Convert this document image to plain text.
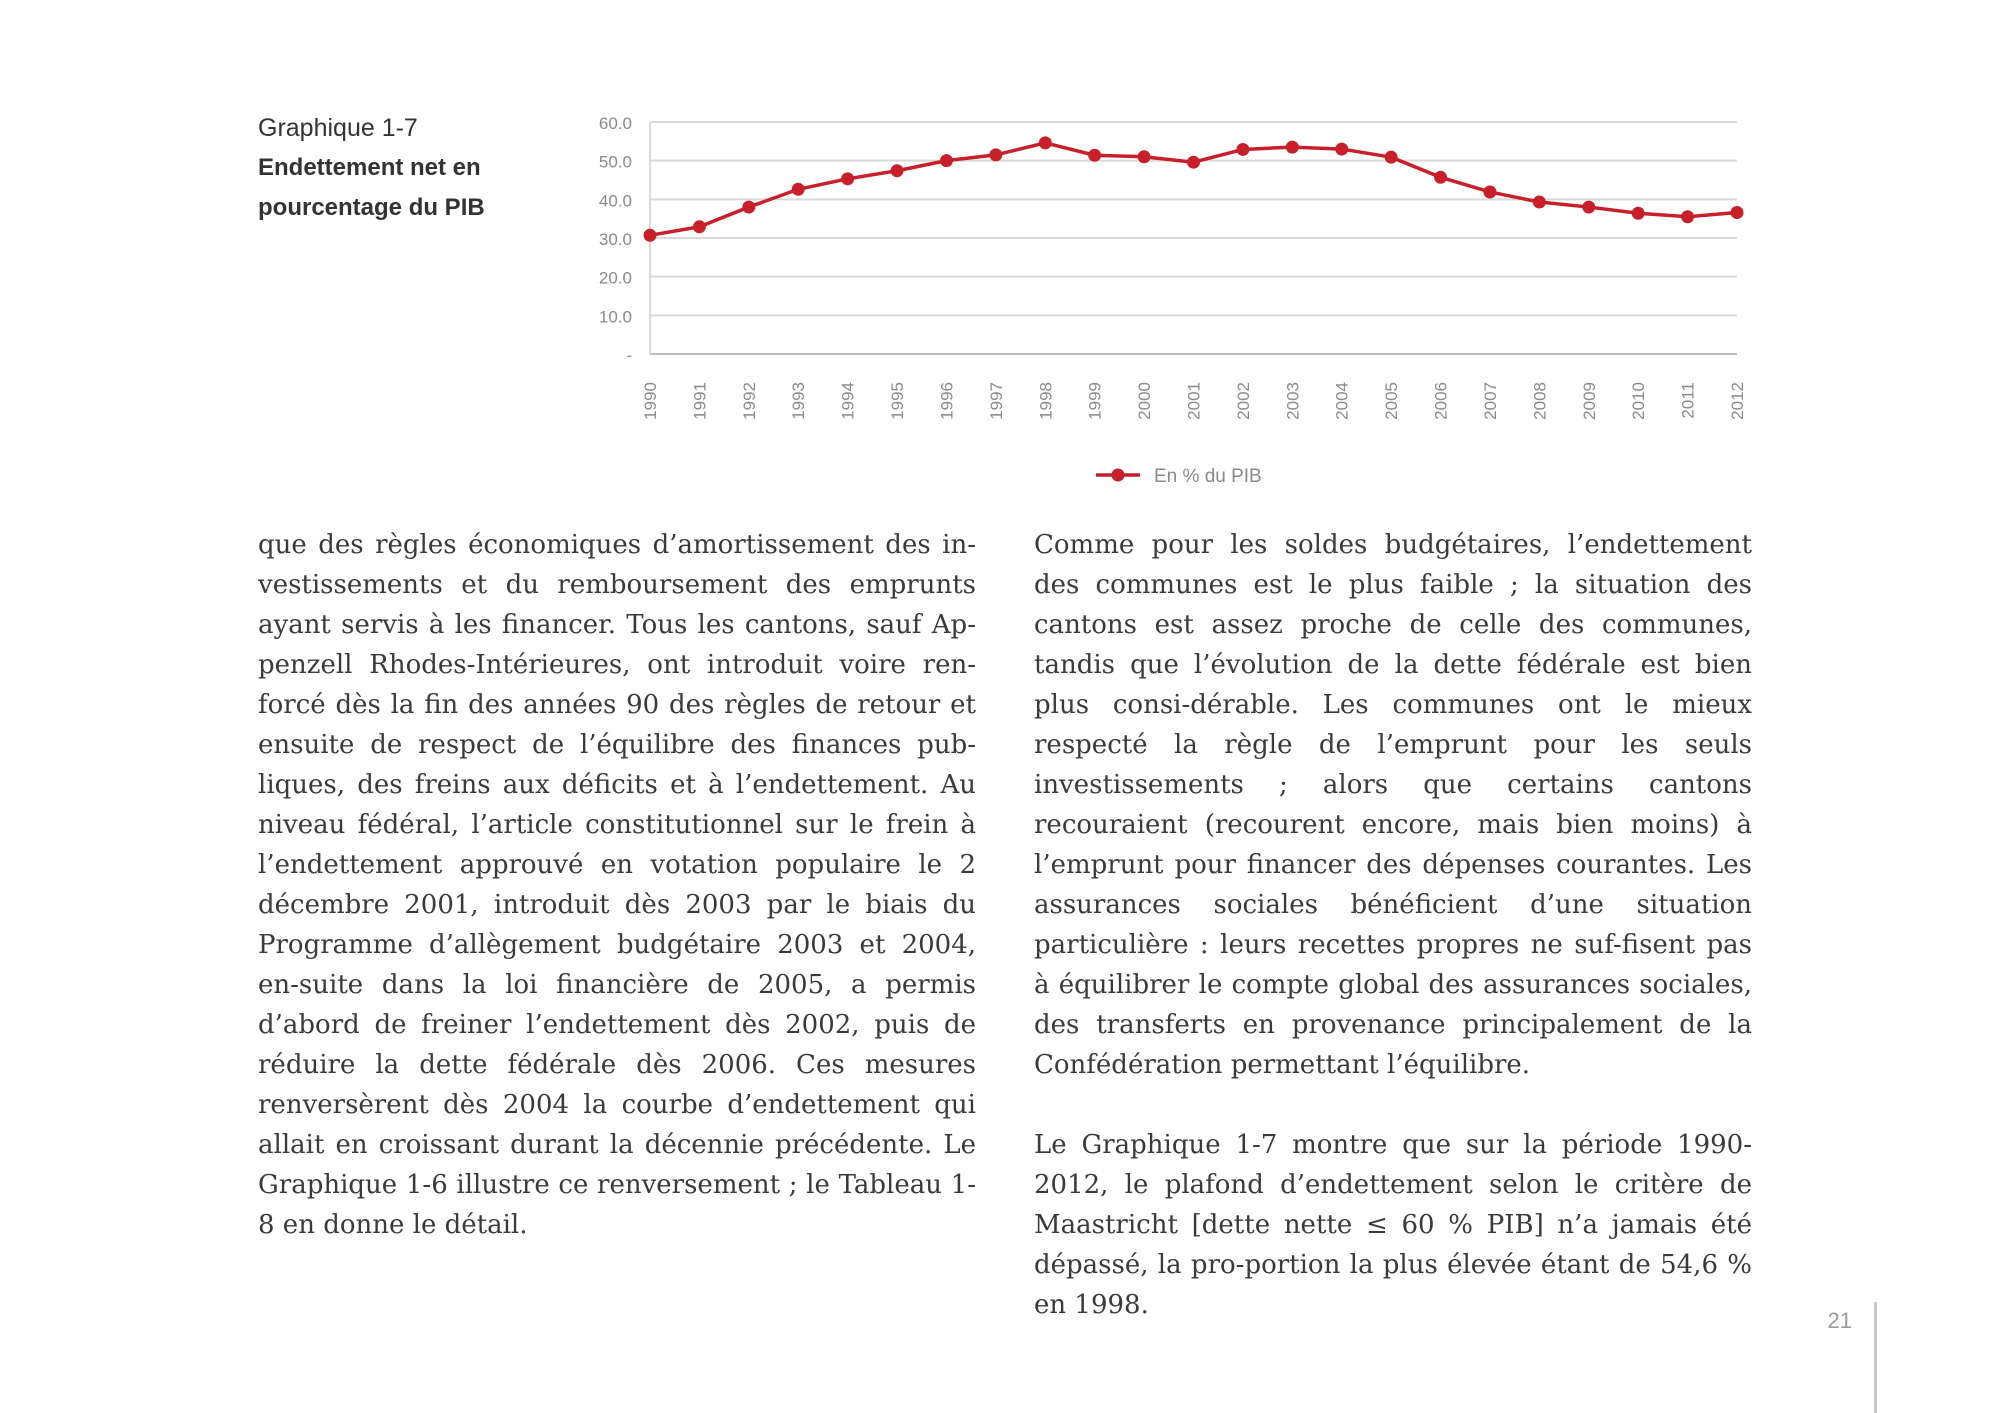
Graphique 1-7
Endettement net en pourcentage du PIB
-
10.0
20.0
30.0
40.0
50.0
60.0
1990 1991 1992 1993 1994 1995 1996 1997 1998 1999 2000 2001 2002 2003 2004 2005 2006 2007 2008 2009 2010 2011 2012
En % du PIB

que des règles économiques d’amortissement des in-vestissements et du remboursement des emprunts ayant servis à les financer. Tous les cantons, sauf Ap-penzell Rhodes-Intérieures, ont introduit voire ren-forcé dès la fin des années 90 des règles de retour et ensuite de respect de l’équilibre des finances pub-liques, des freins aux déficits et à l’endettement. Au niveau fédéral, l’article constitutionnel sur le frein à l’endettement approuvé en votation populaire le 2 décembre 2001, introduit dès 2003 par le biais du Programme d’allègement budgétaire 2003 et 2004, en-suite dans la loi financière de 2005, a permis d’abord de freiner l’endettement dès 2002, puis de réduire la dette fédérale dès 2006. Ces mesures renversèrent dès 2004 la courbe d’endettement qui allait en croissant durant la décennie précédente. Le Graphique 1-6 illustre ce renversement ; le Tableau 1-8 en donne le détail.

Comme pour les soldes budgétaires, l’endettement des communes est le plus faible ; la situation des cantons est assez proche de celle des communes, tandis que l’évolution de la dette fédérale est bien plus consi-dérable. Les communes ont le mieux respecté la règle de l’emprunt pour les seuls investissements ; alors que certains cantons recouraient (recourent encore, mais bien moins) à l’emprunt pour financer des dépenses courantes. Les assurances sociales bénéficient d’une situation particulière : leurs recettes propres ne suf-fisent pas à équilibrer le compte global des assurances sociales, des transferts en provenance principalement de la Confédération permettant l’équilibre.

Le Graphique 1-7 montre que sur la période 1990-2012, le plafond d’endettement selon le critère de Maastricht [dette nette ≤ 60 % PIB] n’a jamais été dépassé, la pro-portion la plus élevée étant de 54,6 % en 1998.

21
